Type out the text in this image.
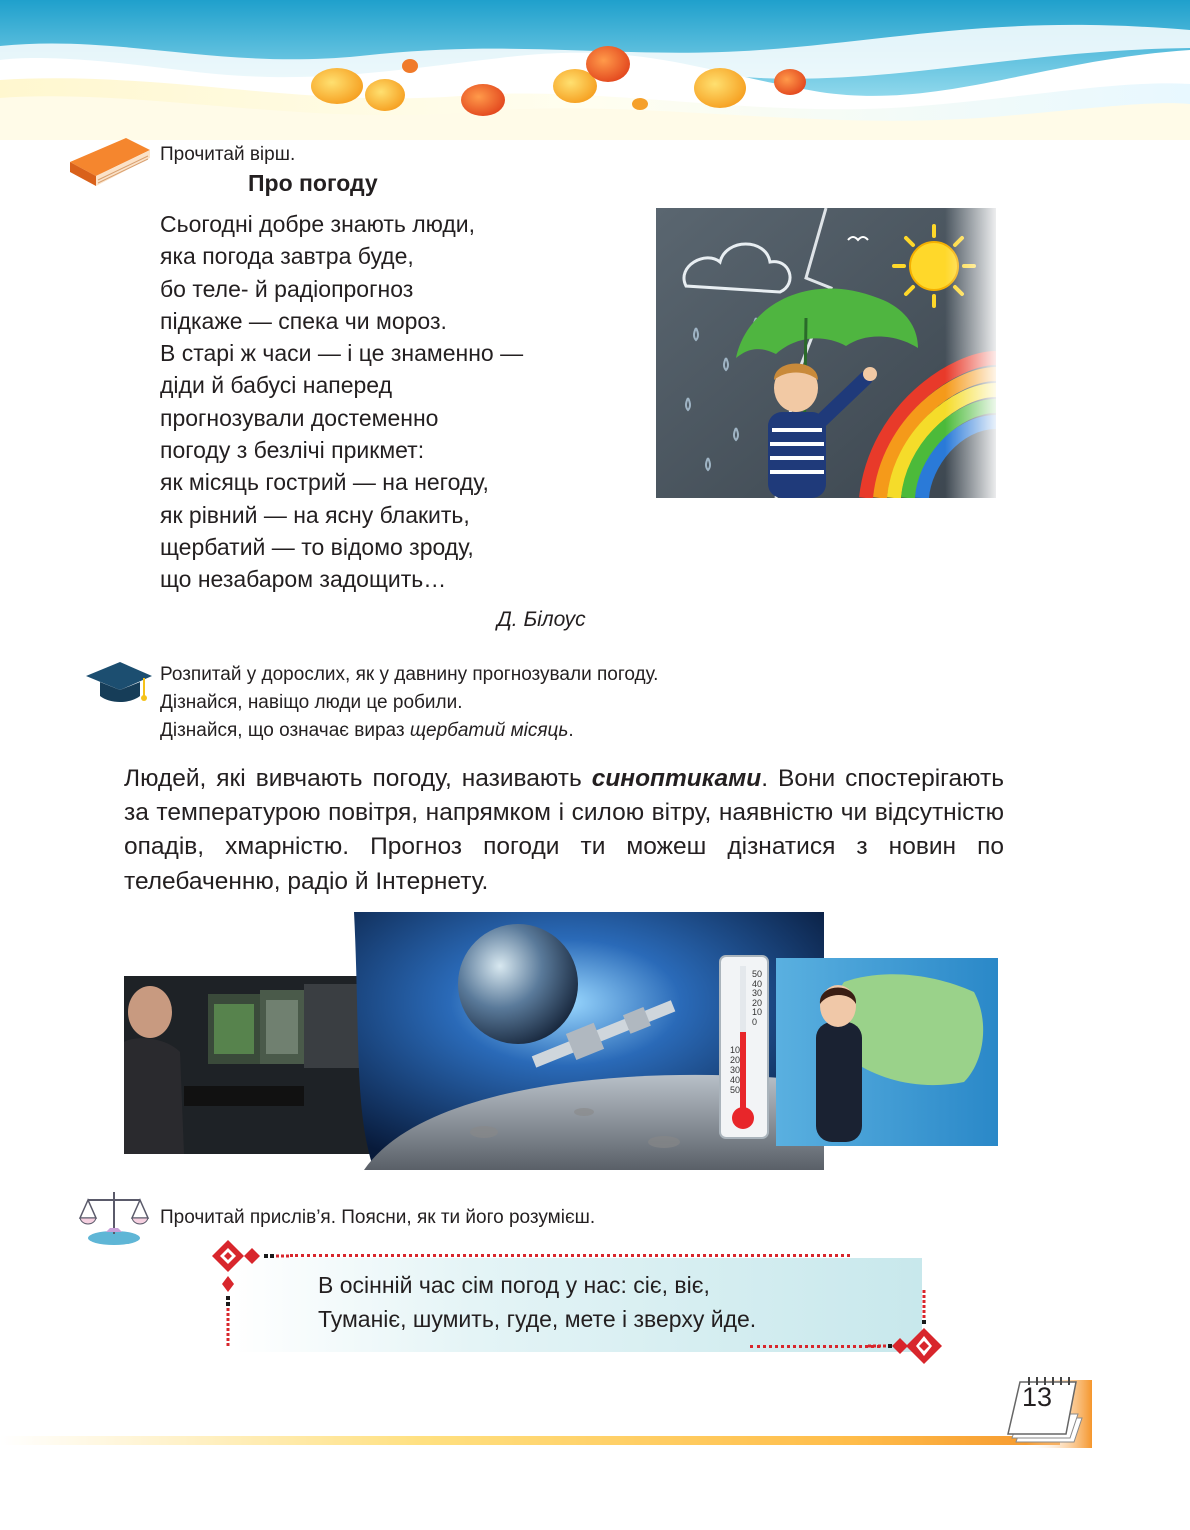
Прочитай вірш.
Про погоду
Сьогодні добре знають люди,
яка погода завтра буде,
бо теле- й радіопрогноз
підкаже — спека чи мороз.
В старі ж часи — і це знаменно —
діди й бабусі наперед
прогнозували достеменно
погоду з безлічі прикмет:
як місяць гострий — на негоду,
як рівний — на ясну блакить,
щербатий — то відомо зроду,
що незабаром задощить…
Д. Білоус
Розпитай у дорослих, як у давнину прогнозували погоду.
Дізнайся, навіщо люди це робили.
Дізнайся, що означає вираз щербатий місяць.
Людей, які вивчають погоду, називають синоптиками. Вони спостерігають за температурою повітря, напрямком і силою вітру, наявністю чи відсутністю опадів, хмарністю. Прогноз погоди ти можеш дізнатися з новин по телебаченню, радіо й Інтернету.
50
40
30
20
10
0
10
20
30
40
50
Прочитай прислів’я. Поясни, як ти його розумієш.
В осінній час сім погод у нас: сіє, віє,
Туманіє, шумить, гуде, мете і зверху йде.
13
